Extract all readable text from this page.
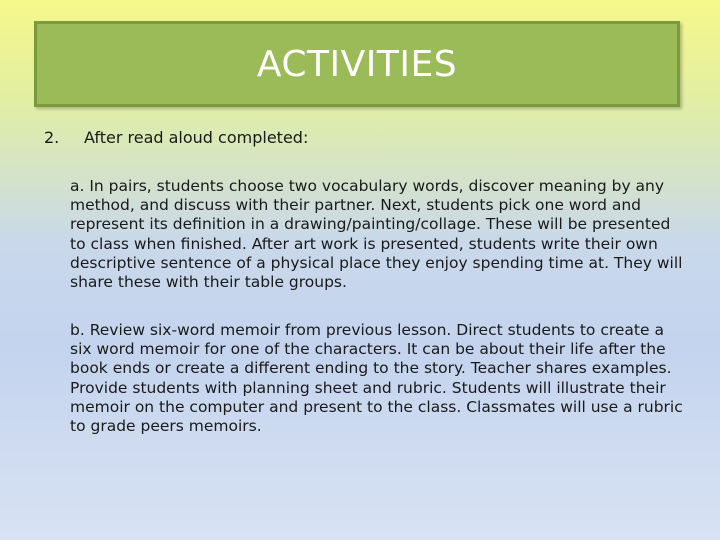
ACTIVITIES
2. After read aloud completed:

a. In pairs, students choose two vocabulary words, discover meaning by any method, and discuss with their partner. Next, students pick one word and represent its definition in a drawing/painting/collage. These will be presented to class when finished. After art work is presented, students write their own descriptive sentence of a physical place they enjoy spending time at. They will share these with their table groups.

b. Review six-word memoir from previous lesson. Direct students to create a six word memoir for one of the characters. It can be about their life after the book ends or create a different ending to the story. Teacher shares examples. Provide students with planning sheet and rubric. Students will illustrate their memoir on the computer and present to the class. Classmates will use a rubric to grade peers memoirs.
